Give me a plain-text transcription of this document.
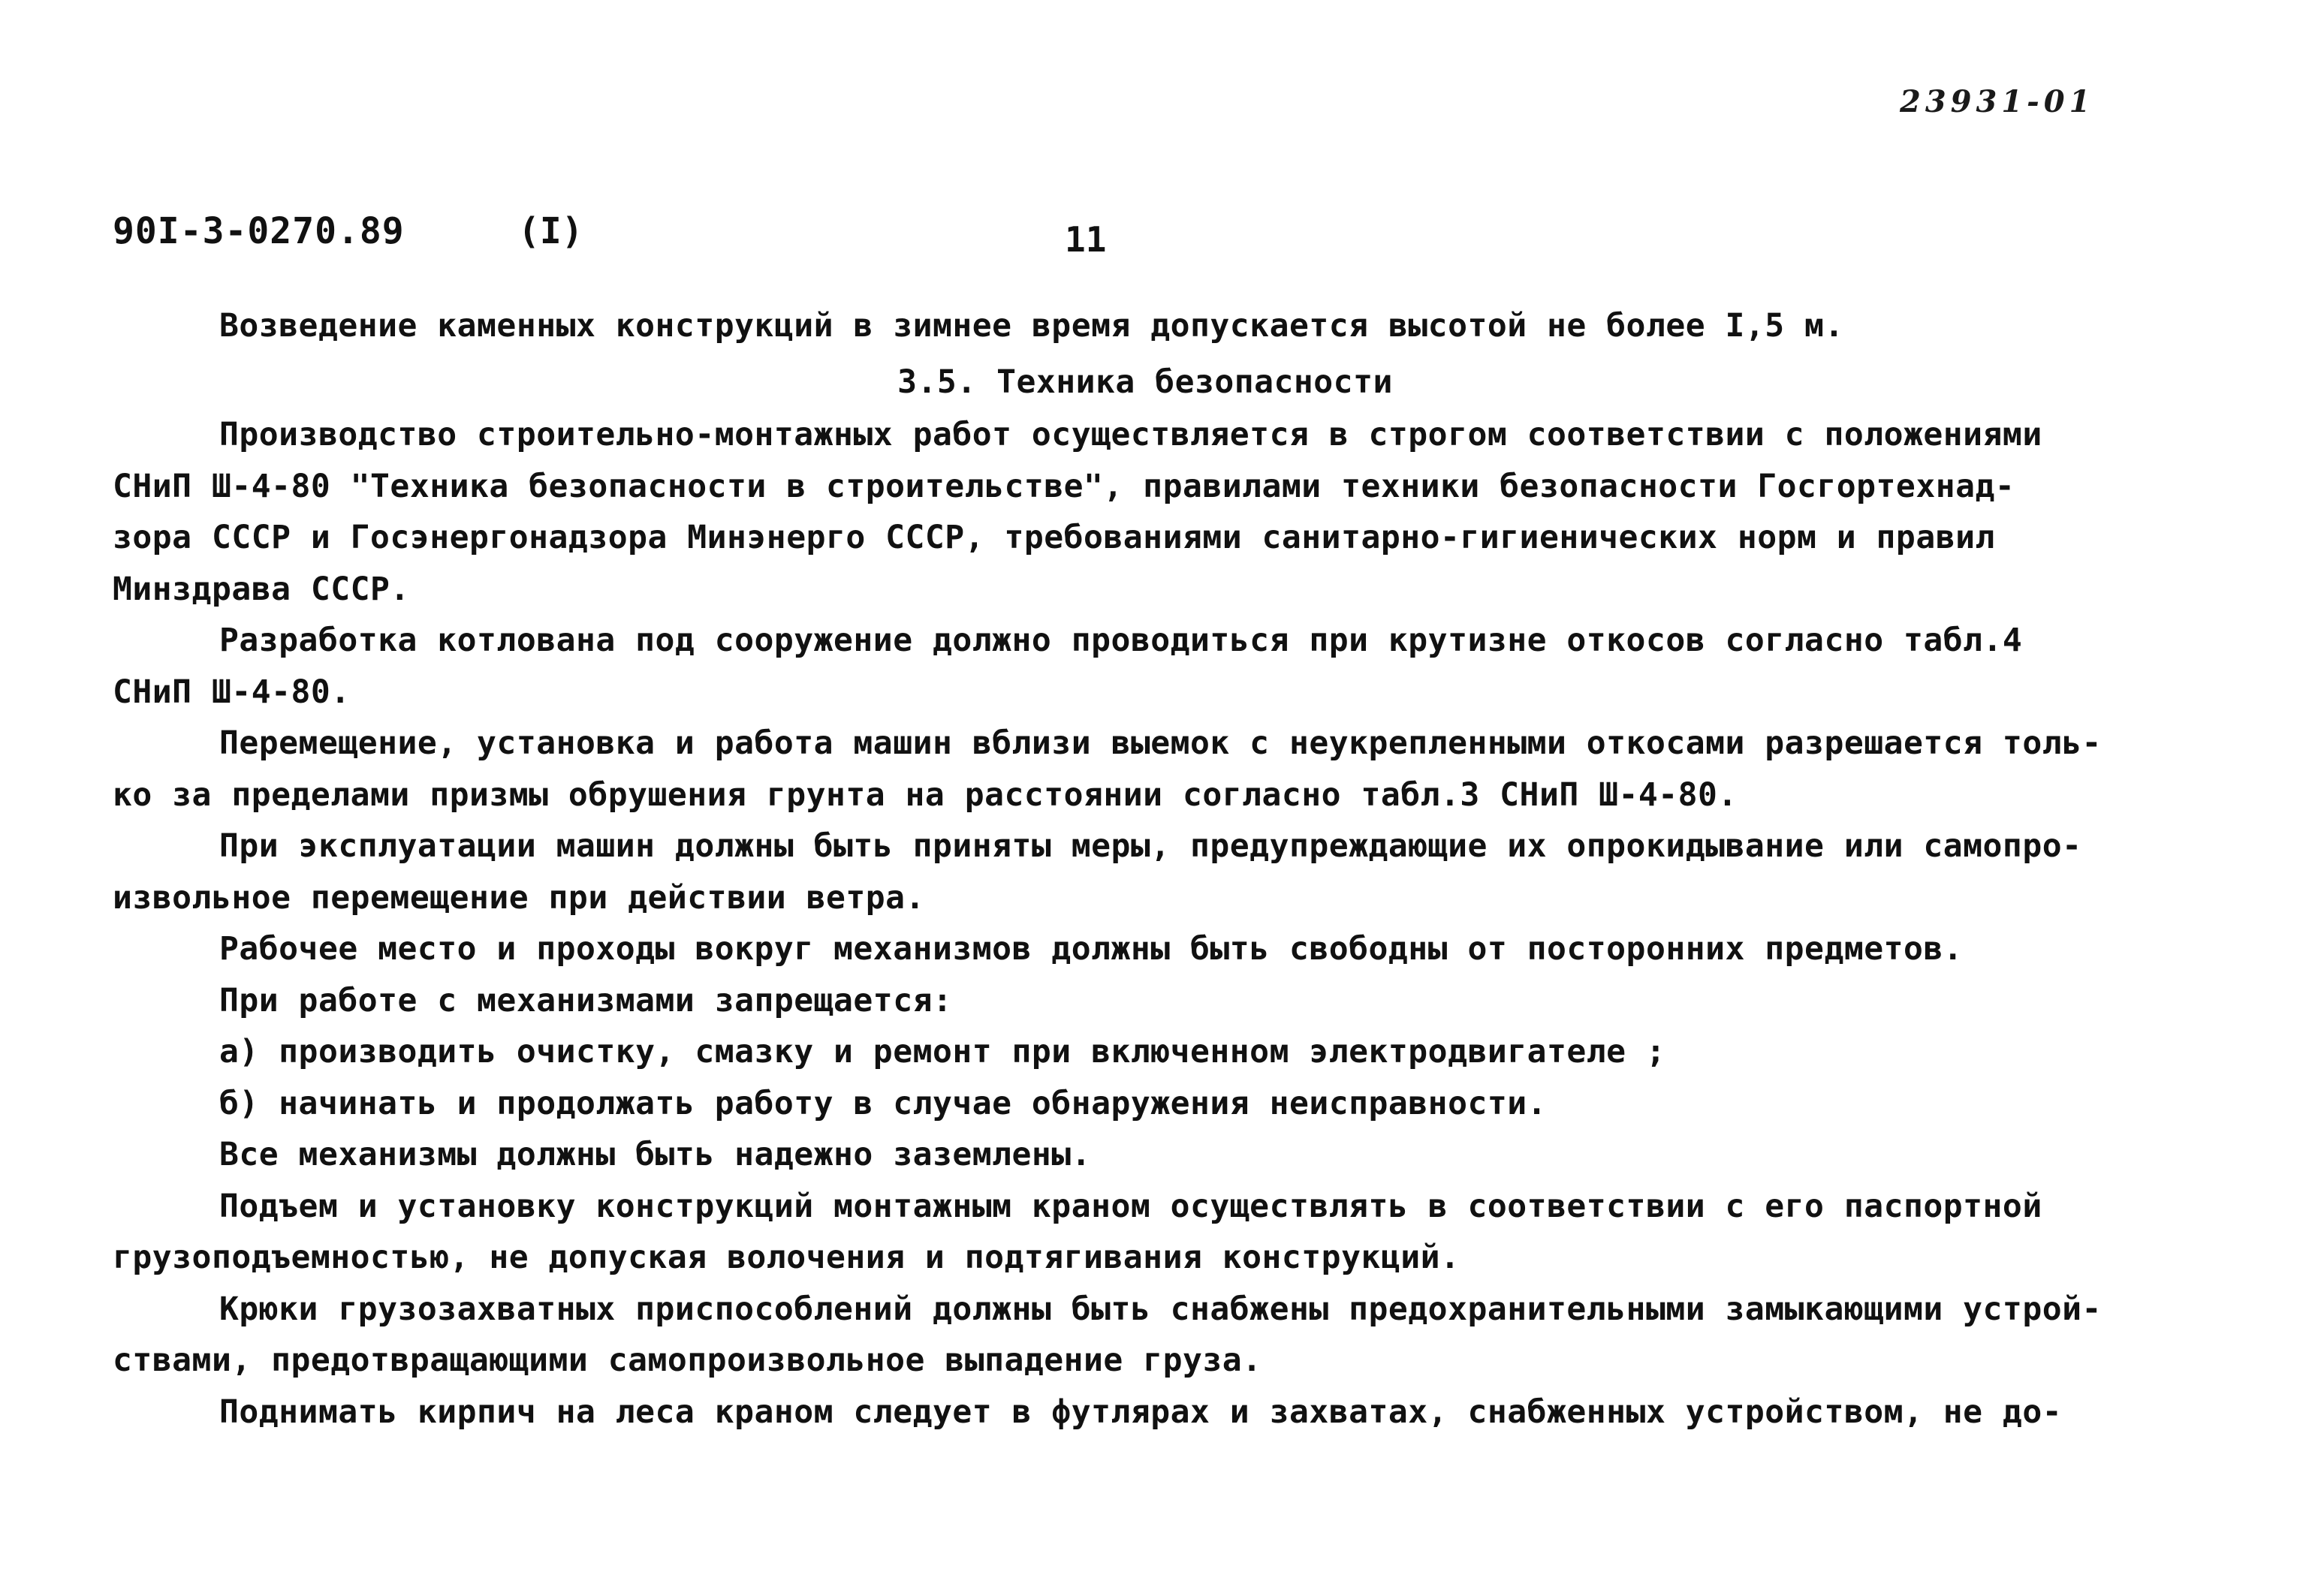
23931-01
90I-3-0270.89	(I)	11
Возведение каменных конструкций в зимнее время допускается высотой не более I,5 м.
3.5. Техника безопасности
Производство строительно-монтажных работ осуществляется в строгом соответствии с положениями
СНиП Ш-4-80 "Техника безопасности в строительстве", правилами техники безопасности Госгортехнад-
зора СССР и Госэнергонадзора Минэнерго СССР, требованиями санитарно-гигиенических норм и правил
Минздрава СССР.
Разработка котлована под сооружение должно проводиться при крутизне откосов согласно табл.4
СНиП Ш-4-80.
Перемещение, установка и работа машин вблизи выемок с неукрепленными откосами разрешается толь-
ко за пределами призмы обрушения грунта на расстоянии согласно табл.3 СНиП Ш-4-80.
При эксплуатации машин должны быть приняты меры, предупреждающие их опрокидывание или самопро-
извольное перемещение при действии ветра.
Рабочее место и проходы вокруг механизмов должны быть свободны от посторонних предметов.
При работе с механизмами запрещается:
а) производить очистку, смазку и ремонт при включенном электродвигателе ;
б) начинать и продолжать работу в случае обнаружения неисправности.
Все механизмы должны быть надежно заземлены.
Подъем и установку конструкций монтажным краном осуществлять в соответствии с его паспортной
грузоподъемностью, не допуская волочения и подтягивания конструкций.
Крюки грузозахватных приспособлений должны быть снабжены предохранительными замыкающими устрой-
ствами, предотвращающими самопроизвольное выпадение груза.
Поднимать кирпич на леса краном следует в футлярах и захватах, снабженных устройством, не до-
